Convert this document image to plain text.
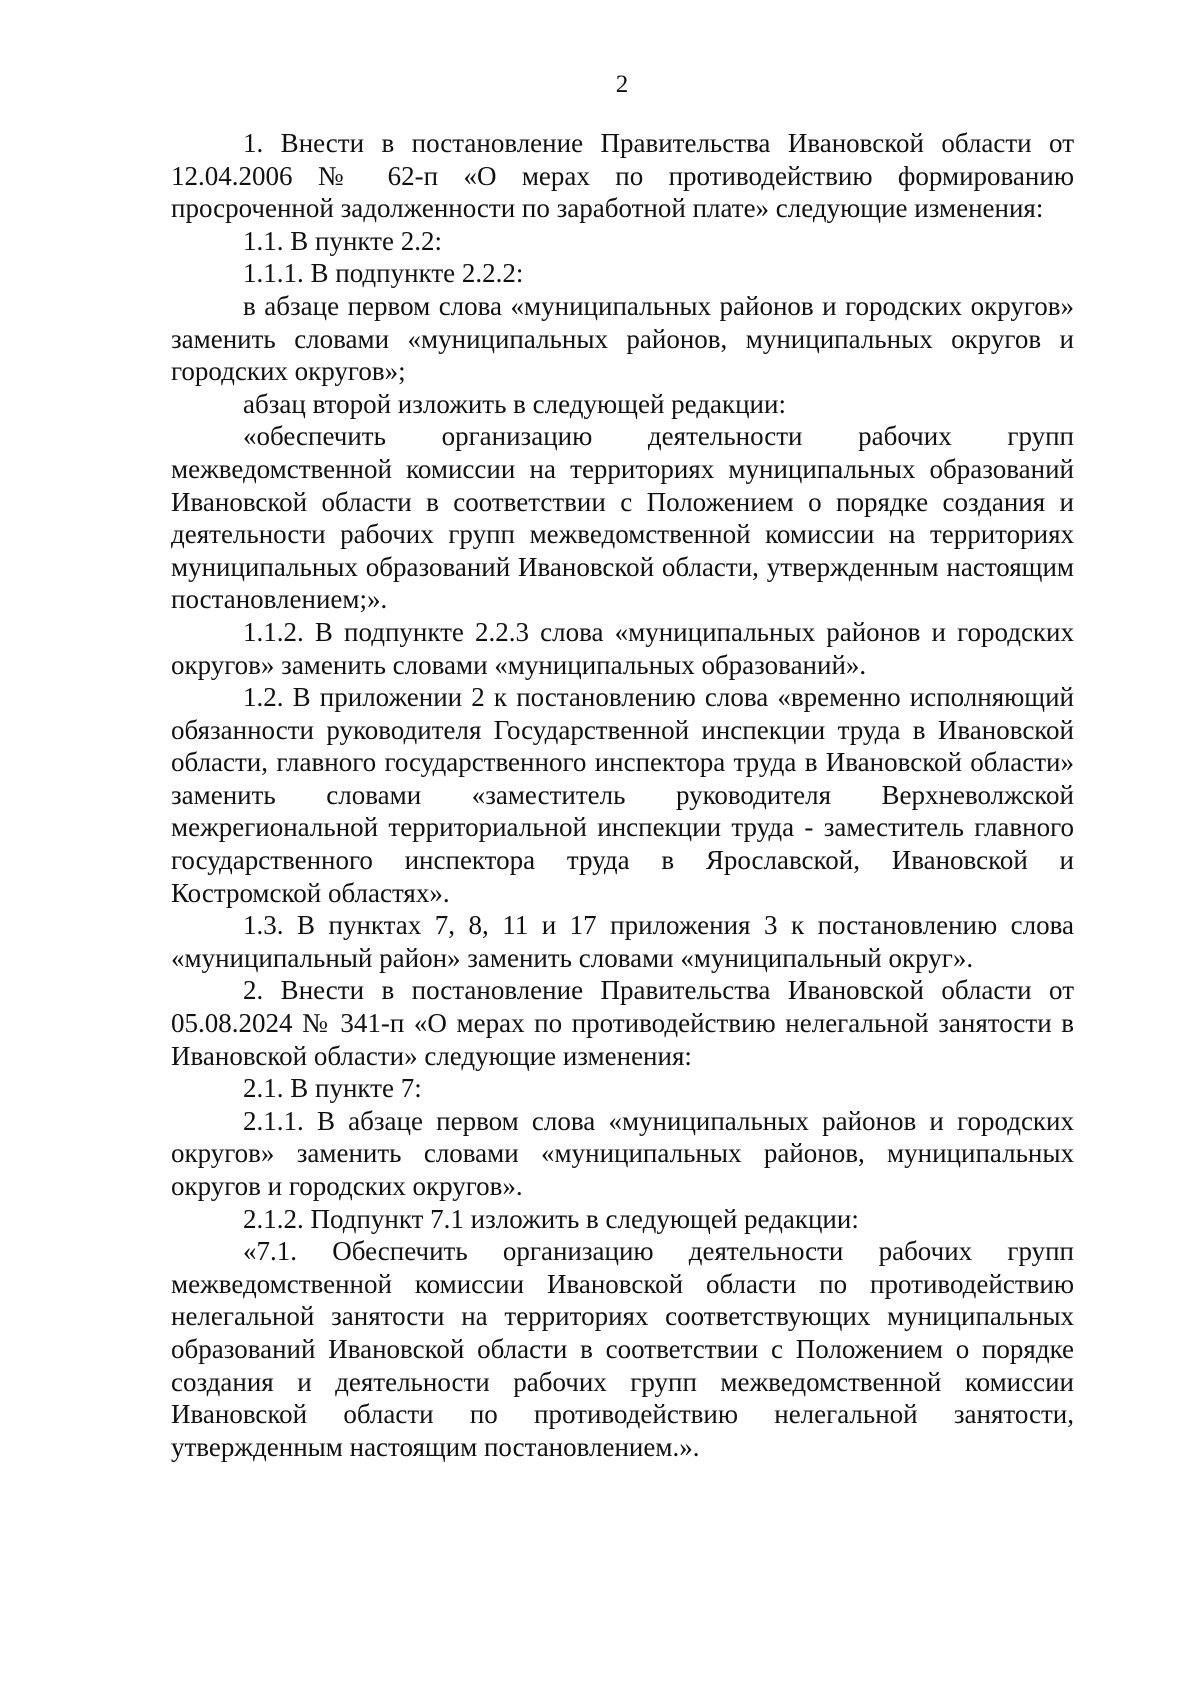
2

1. Внести в постановление Правительства Ивановской области от 12.04.2006 № 62-п «О мерах по противодействию формированию просроченной задолженности по заработной плате» следующие изменения:

1.1. В пункте 2.2:

1.1.1. В подпункте 2.2.2:

в абзаце первом слова «муниципальных районов и городских округов» заменить словами «муниципальных районов, муниципальных округов и городских округов»;

абзац второй изложить в следующей редакции:

«обеспечить организацию деятельности рабочих групп межведомственной комиссии на территориях муниципальных образований Ивановской области в соответствии с Положением о порядке создания и деятельности рабочих групп межведомственной комиссии на территориях муниципальных образований Ивановской области, утвержденным настоящим постановлением;».

1.1.2. В подпункте 2.2.3 слова «муниципальных районов и городских округов» заменить словами «муниципальных образований».

1.2. В приложении 2 к постановлению слова «временно исполняющий обязанности руководителя Государственной инспекции труда в Ивановской области, главного государственного инспектора труда в Ивановской области» заменить словами «заместитель руководителя Верхневолжской межрегиональной территориальной инспекции труда - заместитель главного государственного инспектора труда в Ярославской, Ивановской и Костромской областях».

1.3. В пунктах 7, 8, 11 и 17 приложения 3 к постановлению слова «муниципальный район» заменить словами «муниципальный округ».

2. Внести в постановление Правительства Ивановской области от 05.08.2024 № 341-п «О мерах по противодействию нелегальной занятости в Ивановской области» следующие изменения:

2.1. В пункте 7:

2.1.1. В абзаце первом слова «муниципальных районов и городских округов» заменить словами «муниципальных районов, муниципальных округов и городских округов».

2.1.2. Подпункт 7.1 изложить в следующей редакции:

«7.1. Обеспечить организацию деятельности рабочих групп межведомственной комиссии Ивановской области по противодействию нелегальной занятости на территориях соответствующих муниципальных образований Ивановской области в соответствии с Положением о порядке создания и деятельности рабочих групп межведомственной комиссии Ивановской области по противодействию нелегальной занятости, утвержденным настоящим постановлением.».
